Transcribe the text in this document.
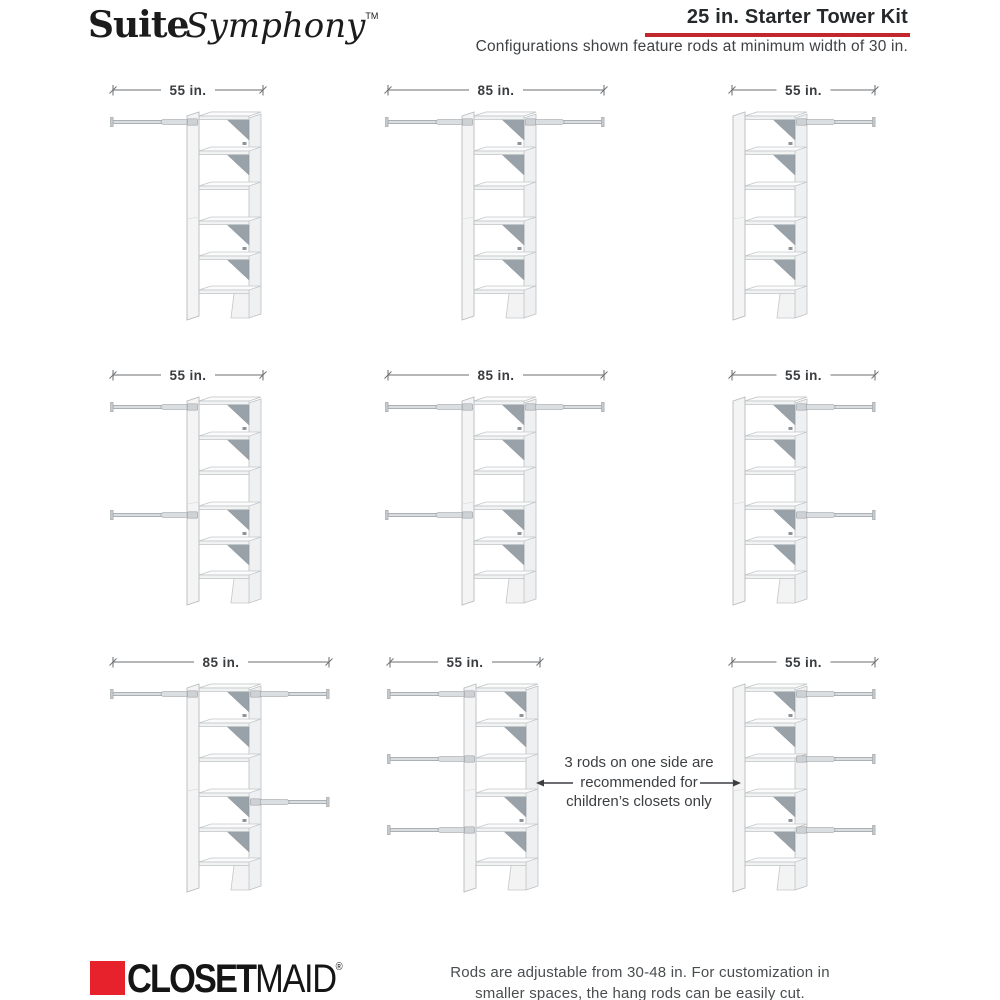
SuiteSymphony™	25 in. Starter Tower Kit
Configurations shown feature rods at minimum width of 30 in.
55 in.	85 in.	55 in.
55 in.	85 in.	55 in.
85 in.	55 in.	55 in.
3 rods on one side are
recommended for
children’s closets only
CLOSETMAID®	Rods are adjustable from 30-48 in. For customization in
smaller spaces, the hang rods can be easily cut.
